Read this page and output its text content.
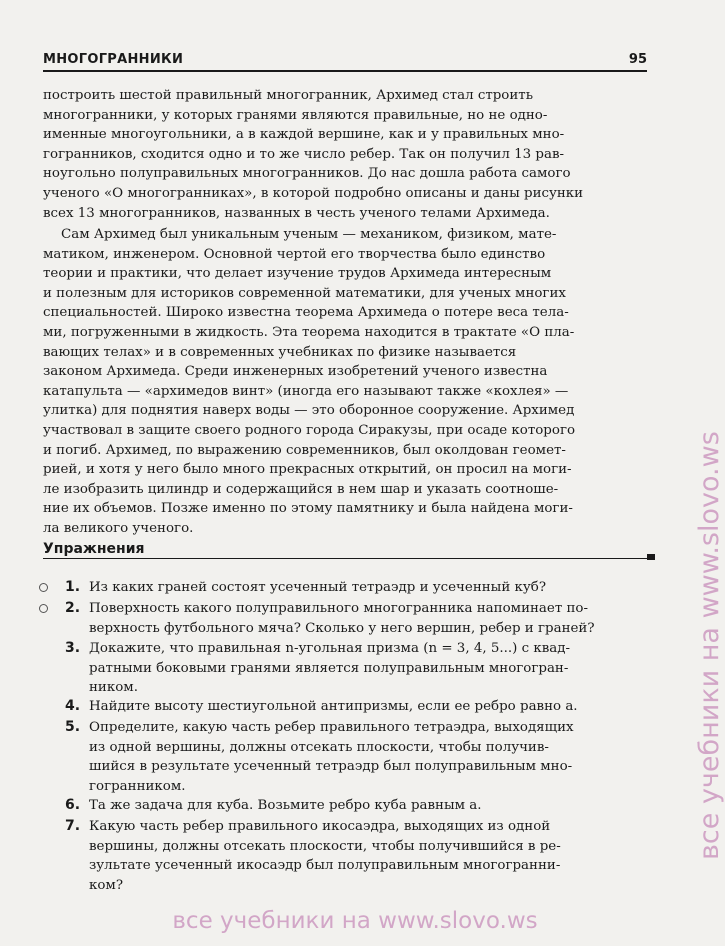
МНОГОГРАННИКИ	95
построить шестой правильный многогранник, Архимед стал строить
многогранники, у которых гранями являются правильные, но не одно-
именные многоугольники, а в каждой вершине, как и у правильных мно-
гогранников, сходится одно и то же число ребер. Так он получил 13 рав-
ноугольно полуправильных многогранников. До нас дошла работа самого
ученого «О многогранниках», в которой подробно описаны и даны рисунки
всех 13 многогранников, названных в честь ученого телами Архимеда.
Сам Архимед был уникальным ученым — механиком, физиком, мате-
матиком, инженером. Основной чертой его творчества было единство
теории и практики, что делает изучение трудов Архимеда интересным
и полезным для историков современной математики, для ученых многих
специальностей. Широко известна теорема Архимеда о потере веса тела-
ми, погруженными в жидкость. Эта теорема находится в трактате «О пла-
вающих телах» и в современных учебниках по физике называется
законом Архимеда. Среди инженерных изобретений ученого известна
катапульта — «архимедов винт» (иногда его называют также «кохлея» —
улитка) для поднятия наверх воды — это оборонное сооружение. Архимед
участвовал в защите своего родного города Сиракузы, при осаде которого
и погиб. Архимед, по выражению современников, был околдован геомет-
рией, и хотя у него было много прекрасных открытий, он просил на моги-
ле изобразить цилиндр и содержащийся в нем шар и указать соотноше-
ние их объемов. Позже именно по этому памятнику и была найдена моги-
ла великого ученого.
Упражнения
1. Из каких граней состоят усеченный тетраэдр и усеченный куб?
2. Поверхность какого полуправильного многогранника напоминает по-
верхность футбольного мяча? Сколько у него вершин, ребер и граней?
3. Докажите, что правильная n-угольная призма (n = 3, 4, 5...) с квад-
ратными боковыми гранями является полуправильным многогран-
ником.
4. Найдите высоту шестиугольной антипризмы, если ее ребро равно a.
5. Определите, какую часть ребер правильного тетраэдра, выходящих
из одной вершины, должны отсекать плоскости, чтобы получив-
шийся в результате усеченный тетраэдр был полуправильным мно-
гогранником.
6. Та же задача для куба. Возьмите ребро куба равным a.
7. Какую часть ребер правильного икосаэдра, выходящих из одной
вершины, должны отсекать плоскости, чтобы получившийся в ре-
зультате усеченный икосаэдр был полуправильным многогранни-
ком?
все учебники на www.slovo.ws
все учебники на www.slovo.ws
